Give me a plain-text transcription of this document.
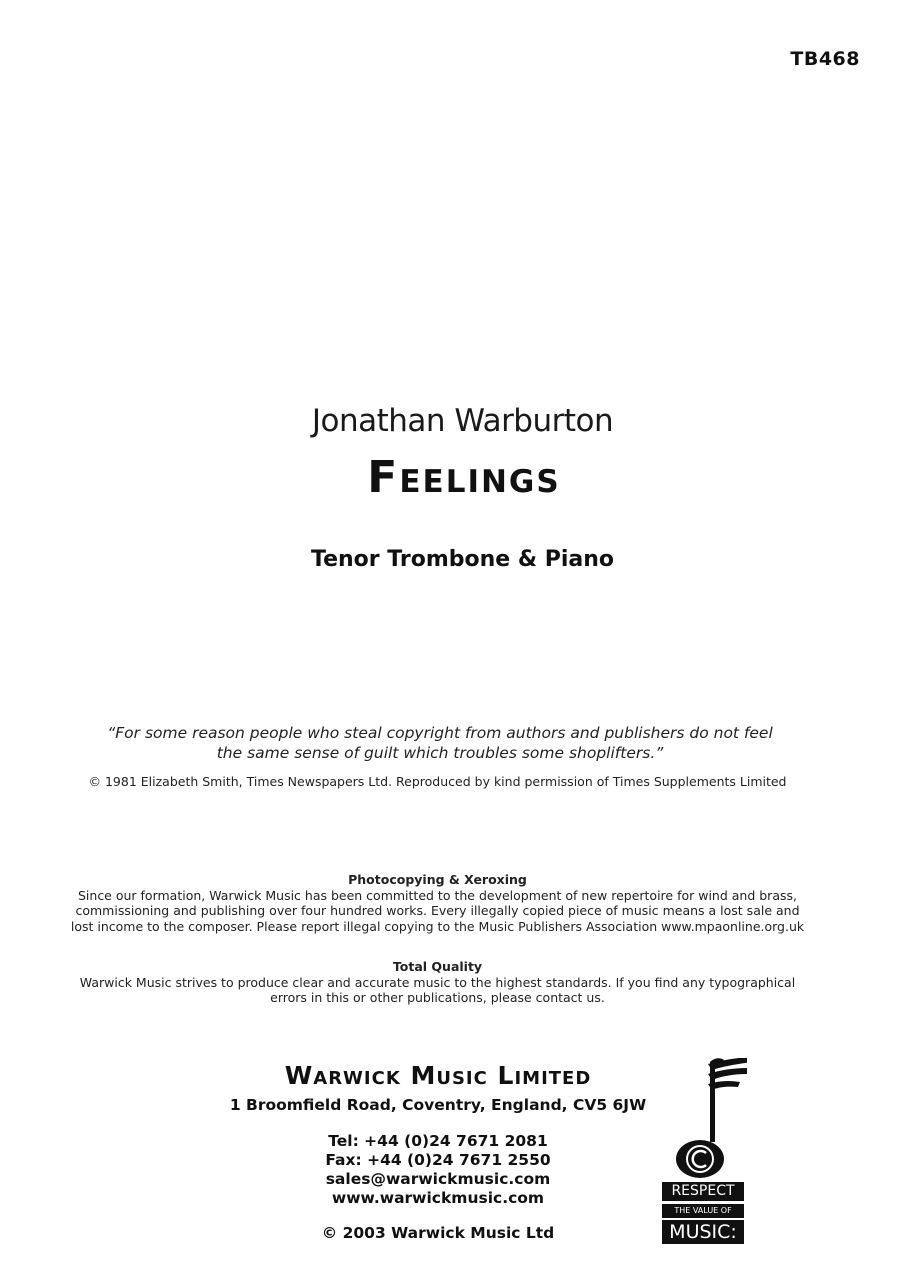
TB468
Jonathan Warburton
Feelings
Tenor Trombone & Piano
“For some reason people who steal copyright from authors and publishers do not feel
the same sense of guilt which troubles some shoplifters.”
© 1981 Elizabeth Smith, Times Newspapers Ltd. Reproduced by kind permission of Times Supplements Limited
Photocopying & Xeroxing
Since our formation, Warwick Music has been committed to the development of new repertoire for wind and brass,
commissioning and publishing over four hundred works. Every illegally copied piece of music means a lost sale and
lost income to the composer. Please report illegal copying to the Music Publishers Association www.mpaonline.org.uk
Total Quality
Warwick Music strives to produce clear and accurate music to the highest standards. If you find any typographical
errors in this or other publications, please contact us.
Warwick Music Limited
1 Broomfield Road, Coventry, England, CV5 6JW
Tel: +44 (0)24 7671 2081
Fax: +44 (0)24 7671 2550
sales@warwickmusic.com
www.warwickmusic.com
© 2003 Warwick Music Ltd
RESPECT
THE VALUE OF
MUSIC:
